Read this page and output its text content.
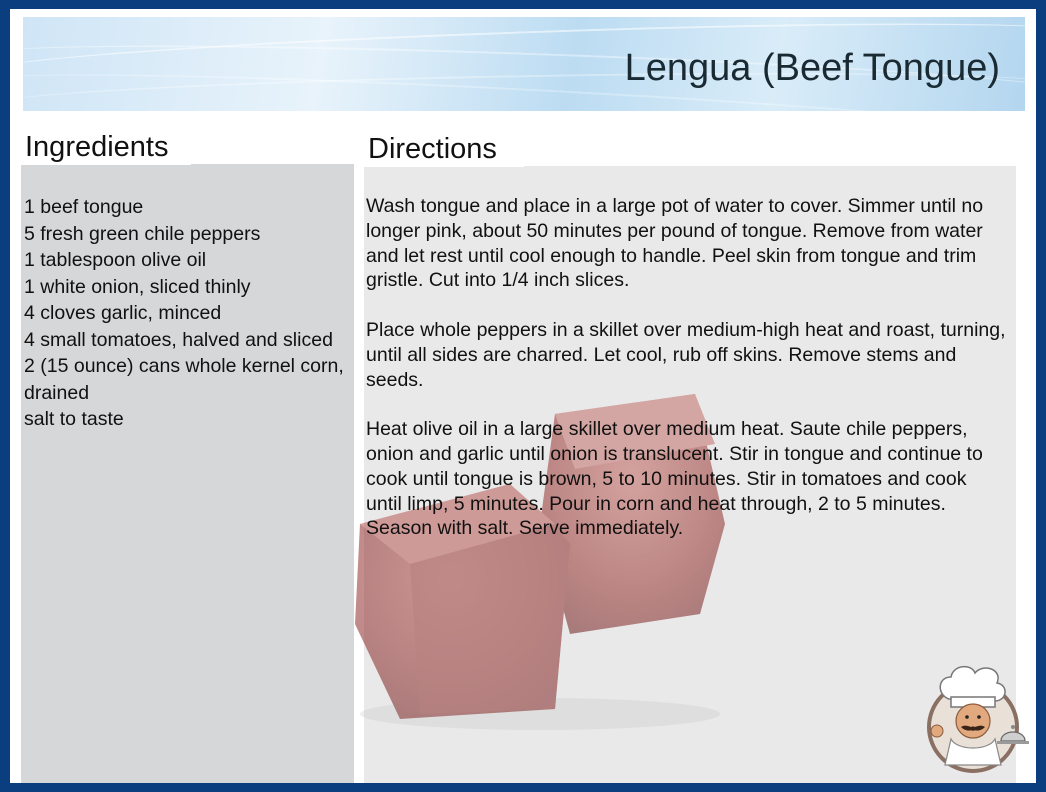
Lengua (Beef Tongue)
Ingredients	Directions
1 beef tongue
5 fresh green chile peppers
1 tablespoon olive oil
1 white onion, sliced thinly
4 cloves garlic, minced
4 small tomatoes, halved and sliced
2 (15 ounce) cans whole kernel corn, drained
salt to taste

Wash tongue and place in a large pot of water to cover. Simmer until no longer pink, about 50 minutes per pound of tongue. Remove from water and let rest until cool enough to handle. Peel skin from tongue and trim gristle. Cut into 1/4 inch slices.

Place whole peppers in a skillet over medium-high heat and roast, turning, until all sides are charred. Let cool, rub off skins. Remove stems and seeds.

Heat olive oil in a large skillet over medium heat. Saute chile peppers, onion and garlic until onion is translucent. Stir in tongue and continue to cook until tongue is brown, 5 to 10 minutes. Stir in tomatoes and cook until limp, 5 minutes. Pour in corn and heat through, 2 to 5 minutes. Season with salt. Serve immediately.
